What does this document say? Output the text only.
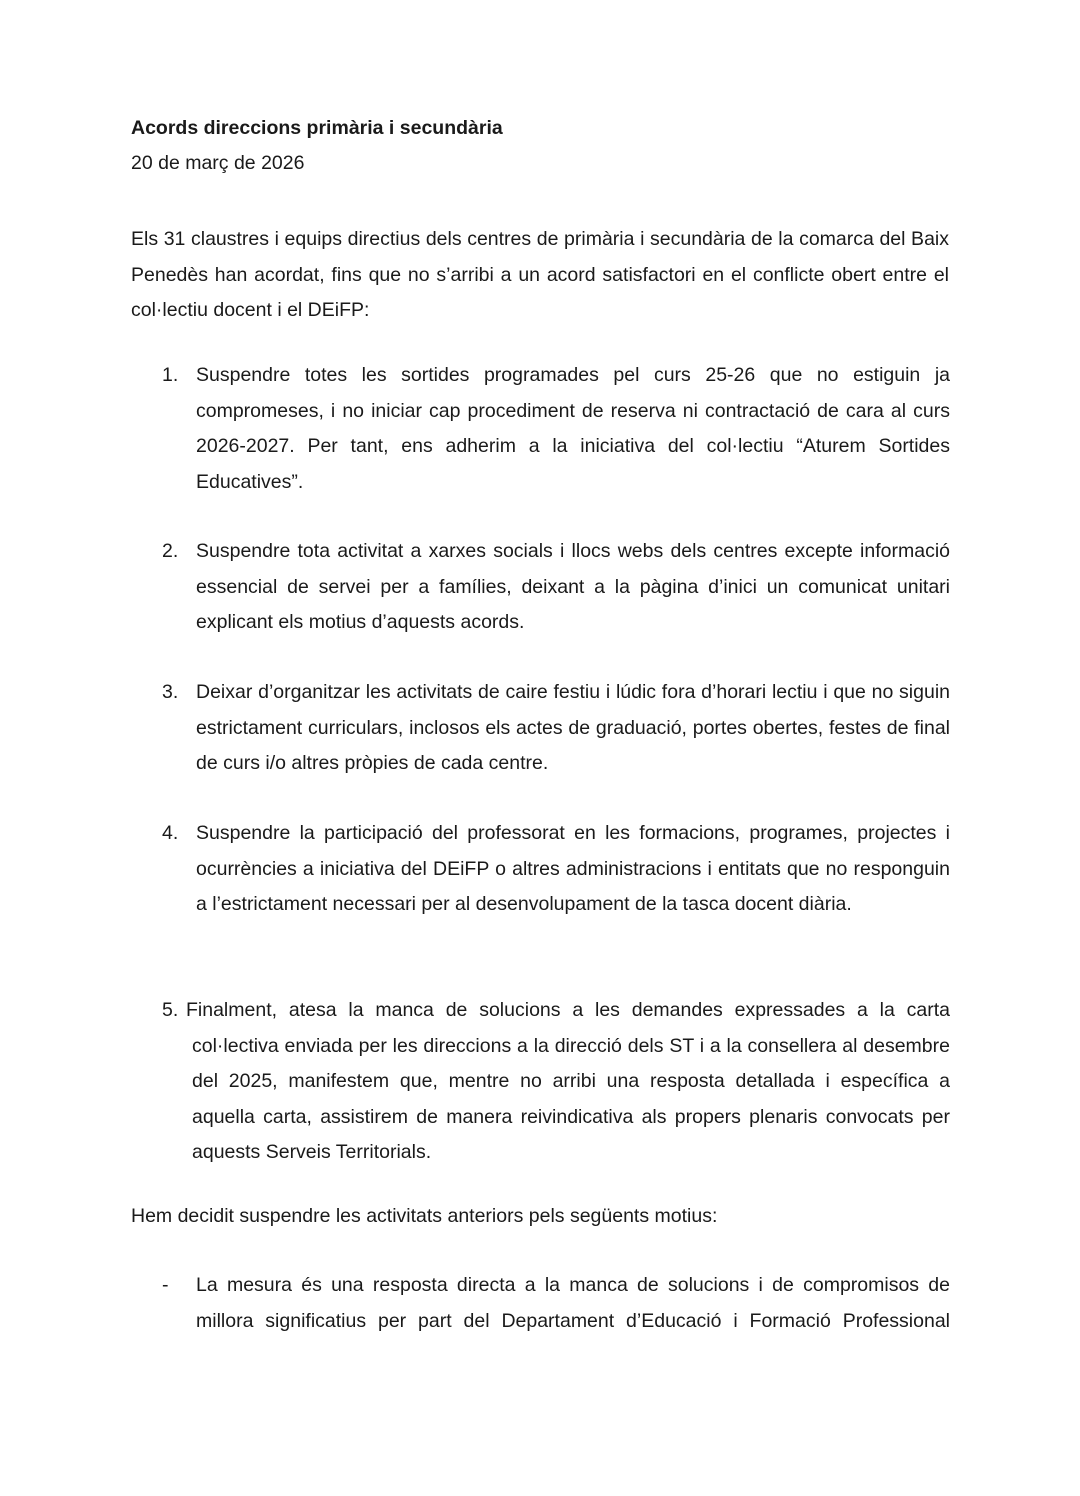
Acords direccions primària i secundària
20 de març de 2026

Els 31 claustres i equips directius dels centres de primària i secundària de la comarca del Baix Penedès han acordat, fins que no s’arribi a un acord satisfactori en el conflicte obert entre el col·lectiu docent i el DEiFP:

1. Suspendre totes les sortides programades pel curs 25-26 que no estiguin ja compromeses, i no iniciar cap procediment de reserva ni contractació de cara al curs 2026-2027. Per tant, ens adherim a la iniciativa del col·lectiu “Aturem Sortides Educatives”.

2. Suspendre tota activitat a xarxes socials i llocs webs dels centres excepte informació essencial de servei per a famílies, deixant a la pàgina d’inici un comunicat unitari explicant els motius d’aquests acords.

3. Deixar d’organitzar les activitats de caire festiu i lúdic fora d’horari lectiu i que no siguin estrictament curriculars, inclosos els actes de graduació, portes obertes, festes de final de curs i/o altres pròpies de cada centre.

4. Suspendre la participació del professorat en les formacions, programes, projectes i ocurrències a iniciativa del DEiFP o altres administracions i entitats que no responguin a l’estrictament necessari per al desenvolupament de la tasca docent diària.

5. Finalment, atesa la manca de solucions a les demandes expressades a la carta col·lectiva enviada per les direccions a la direcció dels ST i a la consellera al desembre del 2025, manifestem que, mentre no arribi una resposta detallada i específica a aquella carta, assistirem de manera reivindicativa als propers plenaris convocats per aquests Serveis Territorials.

Hem decidit suspendre les activitats anteriors pels següents motius:

- La mesura és una resposta directa a la manca de solucions i de compromisos de millora significatius per part del Departament d’Educació i Formació Professional
